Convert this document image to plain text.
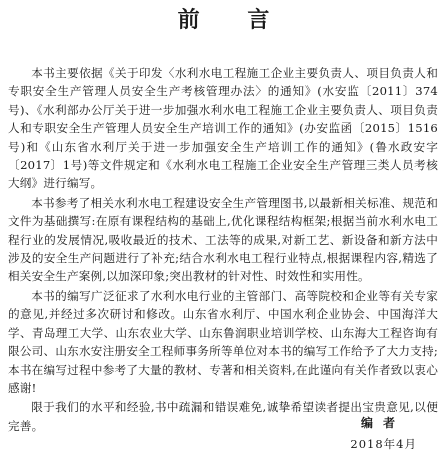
前 言

本书主要依据《关于印发〈水利水电工程施工企业主要负责人、项目负责人和专职安全生产管理人员安全生产考核管理办法〉的通知》(水安监〔2011〕374号)、《水利部办公厅关于进一步加强水利水电工程施工企业主要负责人、项目负责人和专职安全生产管理人员安全生产培训工作的通知》(办安监函〔2015〕1516号)和《山东省水利厅关于进一步加强安全生产培训工作的通知》(鲁水政安字〔2017〕1号)等文件规定和《水利水电工程施工企业安全生产管理三类人员考核大纲》进行编写。

本书参考了相关水利水电工程建设安全生产管理图书,以最新相关标准、规范和文件为基础撰写:在原有课程结构的基础上,优化课程结构框架;根据当前水利水电工程行业的发展情况,吸收最近的技术、工法等的成果,对新工艺、新设备和新方法中涉及的安全生产问题进行了补充;结合水利水电工程行业特点,根据课程内容,精选了相关安全生产案例,以加深印象;突出教材的针对性、时效性和实用性。

本书的编写广泛征求了水利水电行业的主管部门、高等院校和企业等有关专家的意见,并经过多次研讨和修改。山东省水利厅、中国水利企业协会、中国海洋大学、青岛理工大学、山东农业大学、山东鲁润职业培训学校、山东海大工程咨询有限公司、山东水安注册安全工程师事务所等单位对本书的编写工作给予了大力支持;本书在编写过程中参考了大量的教材、专著和相关资料,在此谨向有关作者致以衷心感谢!

限于我们的水平和经验,书中疏漏和错误难免,诚挚希望读者提出宝贵意见,以便完善。	编者
2018年4月
